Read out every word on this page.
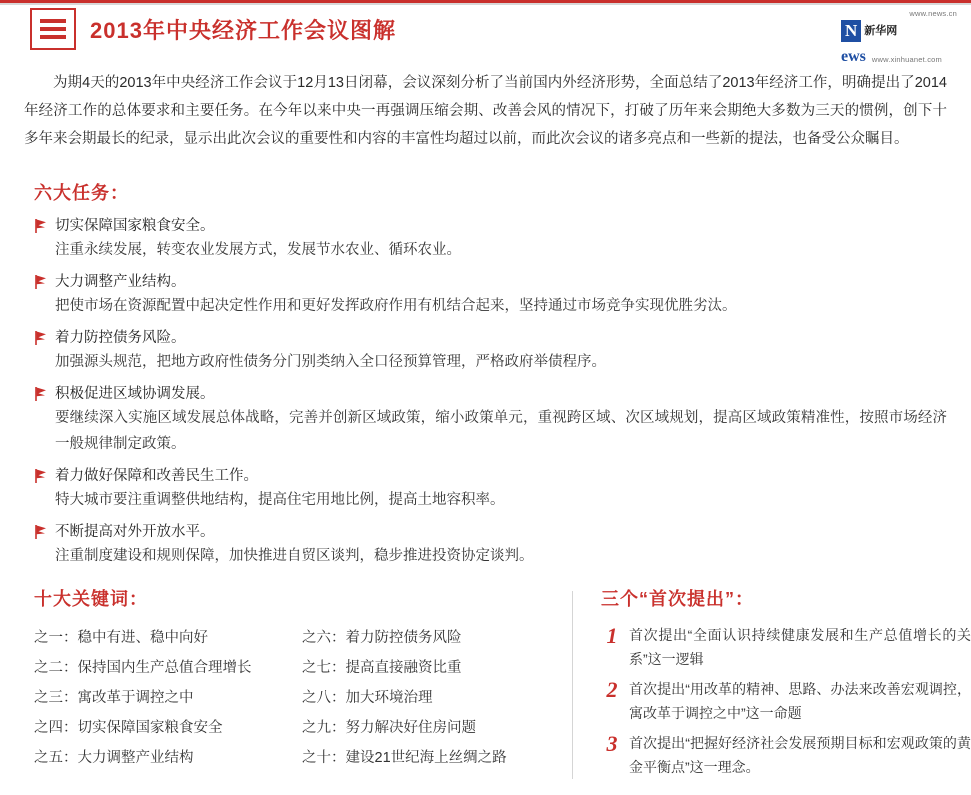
2013年中央经济工作会议图解
www.news.cn
N 新华网
ews www.xinhuanet.com

为期4天的2013年中央经济工作会议于12月13日闭幕，会议深刻分析了当前国内外经济形势，全面总结了2013年经济工作，明确提出了2014年经济工作的总体要求和主要任务。在今年以来中央一再强调压缩会期、改善会风的情况下，打破了历年来会期绝大多数为三天的惯例，创下十多年来会期最长的纪录，显示出此次会议的重要性和内容的丰富性均超过以前，而此次会议的诸多亮点和一些新的提法，也备受公众瞩目。

六大任务：
切实保障国家粮食安全。
注重永续发展，转变农业发展方式，发展节水农业、循环农业。
大力调整产业结构。
把使市场在资源配置中起决定性作用和更好发挥政府作用有机结合起来，坚持通过市场竞争实现优胜劣汰。
着力防控债务风险。
加强源头规范，把地方政府性债务分门别类纳入全口径预算管理，严格政府举债程序。
积极促进区域协调发展。
要继续深入实施区域发展总体战略，完善并创新区域政策，缩小政策单元，重视跨区域、次区域规划，提高区域政策精准性，按照市场经济一般规律制定政策。
着力做好保障和改善民生工作。
特大城市要注重调整供地结构，提高住宅用地比例，提高土地容积率。
不断提高对外开放水平。
注重制度建设和规则保障，加快推进自贸区谈判，稳步推进投资协定谈判。
十大关键词：
之一：稳中有进、稳中向好
之二：保持国内生产总值合理增长
之三：寓改革于调控之中
之四：切实保障国家粮食安全
之五：大力调整产业结构
之六：着力防控债务风险
之七：提高直接融资比重
之八：加大环境治理
之九：努力解决好住房问题
之十：建设21世纪海上丝绸之路
三个“首次提出”：
1 首次提出“全面认识持续健康发展和生产总值增长的关系”这一逻辑
2 首次提出“用改革的精神、思路、办法来改善宏观调控，寓改革于调控之中”这一命题
3 首次提出“把握好经济社会发展预期目标和宏观政策的黄金平衡点”这一理念。
